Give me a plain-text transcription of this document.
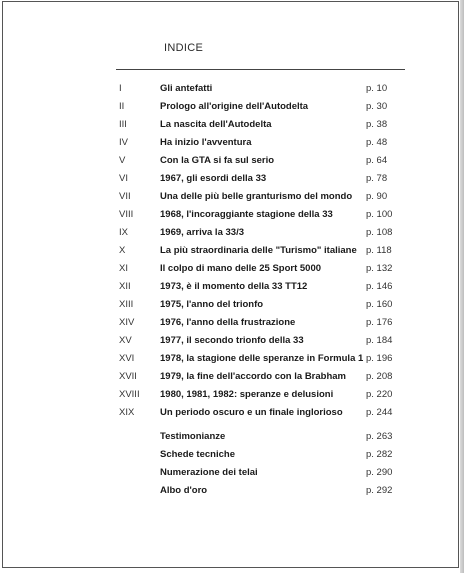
INDICE
I	Gli antefatti	p. 10
II	Prologo all'origine dell'Autodelta	p. 30
III	La nascita dell'Autodelta	p. 38
IV	Ha inizio l'avventura	p. 48
V	Con la GTA si fa sul serio	p. 64
VI	1967, gli esordi della 33	p. 78
VII	Una delle più belle granturismo del mondo p. 90
VIII	1968, l'incoraggiante stagione della 33	p. 100
IX	1969, arriva la 33/3	p. 108
X	La più straordinaria delle "Turismo" italiane p. 118
XI	Il colpo di mano delle 25 Sport 5000	p. 132
XII	1973, è il momento della 33 TT12	p. 146
XIII	1975, l'anno del trionfo	p. 160
XIV	1976, l'anno della frustrazione	p. 176
XV	1977, il secondo trionfo della 33	p. 184
XVI	1978, la stagione delle speranze in Formula 1 p. 196
XVII 1979, la fine dell'accordo con la Brabham p. 208
XVIII 1980, 1981, 1982: speranze e delusioni	p. 220
XIX	Un periodo oscuro e un finale inglorioso p. 244
Testimonianze	p. 263
Schede tecniche	p. 282
Numerazione dei telai	p. 290
Albo d'oro	p. 292
